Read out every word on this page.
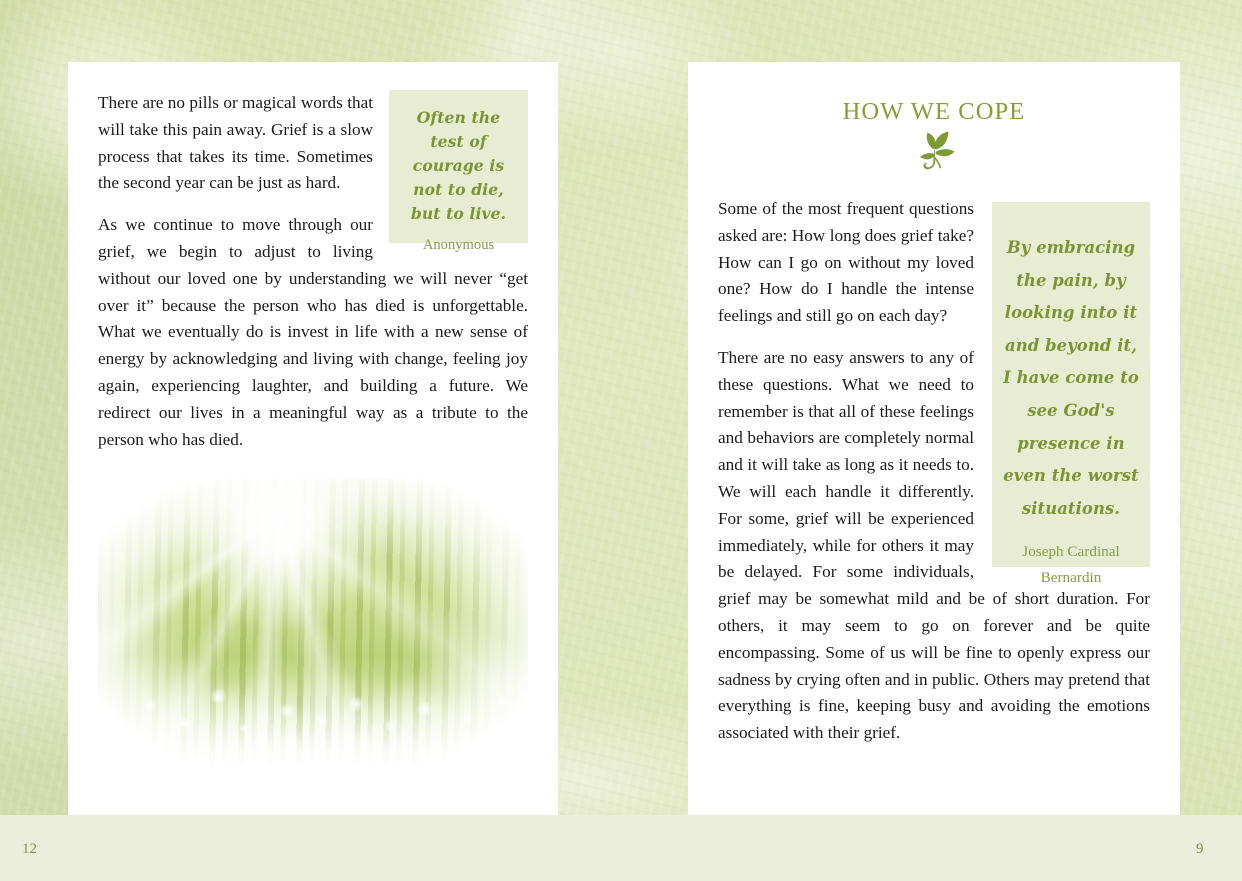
Often the test of courage is not to die, but to live.
Anonymous

There are no pills or magical words that will take this pain away. Grief is a slow process that takes its time. Sometimes the second year can be just as hard.

As we continue to move through our grief, we begin to adjust to living without our loved one by understanding we will never “get over it” because the person who has died is unforgettable. What we eventually do is invest in life with a new sense of energy by acknowledging and living with change, feeling joy again, experiencing laughter, and building a future. We redirect our lives in a meaningful way as a tribute to the person who has died.

HOW WE COPE
By embracing the pain, by looking into it and beyond it, I have come to see God's presence in even the worst situations.
Joseph Cardinal Bernardin

Some of the most frequent questions asked are: How long does grief take? How can I go on without my loved one? How do I handle the intense feelings and still go on each day?

There are no easy answers to any of these questions. What we need to remember is that all of these feelings and behaviors are completely normal and it will take as long as it needs to. We will each handle it differently. For some, grief will be experienced immediately, while for others it may be delayed. For some individuals, grief may be somewhat mild and be of short duration. For others, it may seem to go on forever and be quite encompassing. Some of us will be fine to openly express our sadness by crying often and in public. Others may pretend that everything is fine, keeping busy and avoiding the emotions associated with their grief.

12	9
